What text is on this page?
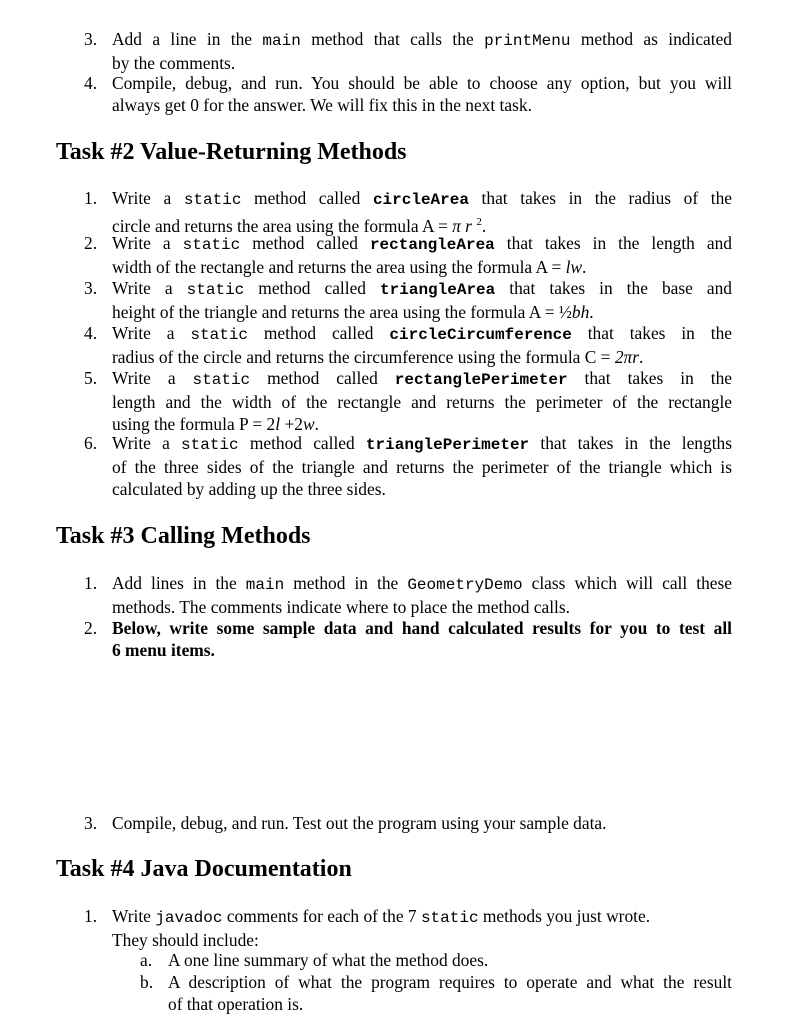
3. Add a line in the main method that calls the printMenu method as indicated
by the comments.
4. Compile, debug, and run. You should be able to choose any option, but you will
always get 0 for the answer. We will fix this in the next task.
Task #2 Value-Returning Methods
1. Write a static method called circleArea that takes in the radius of the
circle and returns the area using the formula A = π r $^2$.
2. Write a static method called rectangleArea that takes in the length and
width of the rectangle and returns the area using the formula A = lw.
3. Write a static method called triangleArea that takes in the base and
height of the triangle and returns the area using the formula A = ½bh.
4. Write a static method called circleCircumference that takes in the
radius of the circle and returns the circumference using the formula C = 2πr.
5. Write a static method called rectanglePerimeter that takes in the
length and the width of the rectangle and returns the perimeter of the rectangle
using the formula P = 2l +2w.
6. Write a static method called trianglePerimeter that takes in the lengths
of the three sides of the triangle and returns the perimeter of the triangle which is
calculated by adding up the three sides.
Task #3 Calling Methods
1. Add lines in the main method in the GeometryDemo class which will call these
methods. The comments indicate where to place the method calls.
2. Below, write some sample data and hand calculated results for you to test all
6 menu items.
3. Compile, debug, and run. Test out the program using your sample data.
Task #4 Java Documentation
1. Write javadoc comments for each of the 7 static methods you just wrote.
They should include:
a. A one line summary of what the method does.
b. A description of what the program requires to operate and what the result
of that operation is.
